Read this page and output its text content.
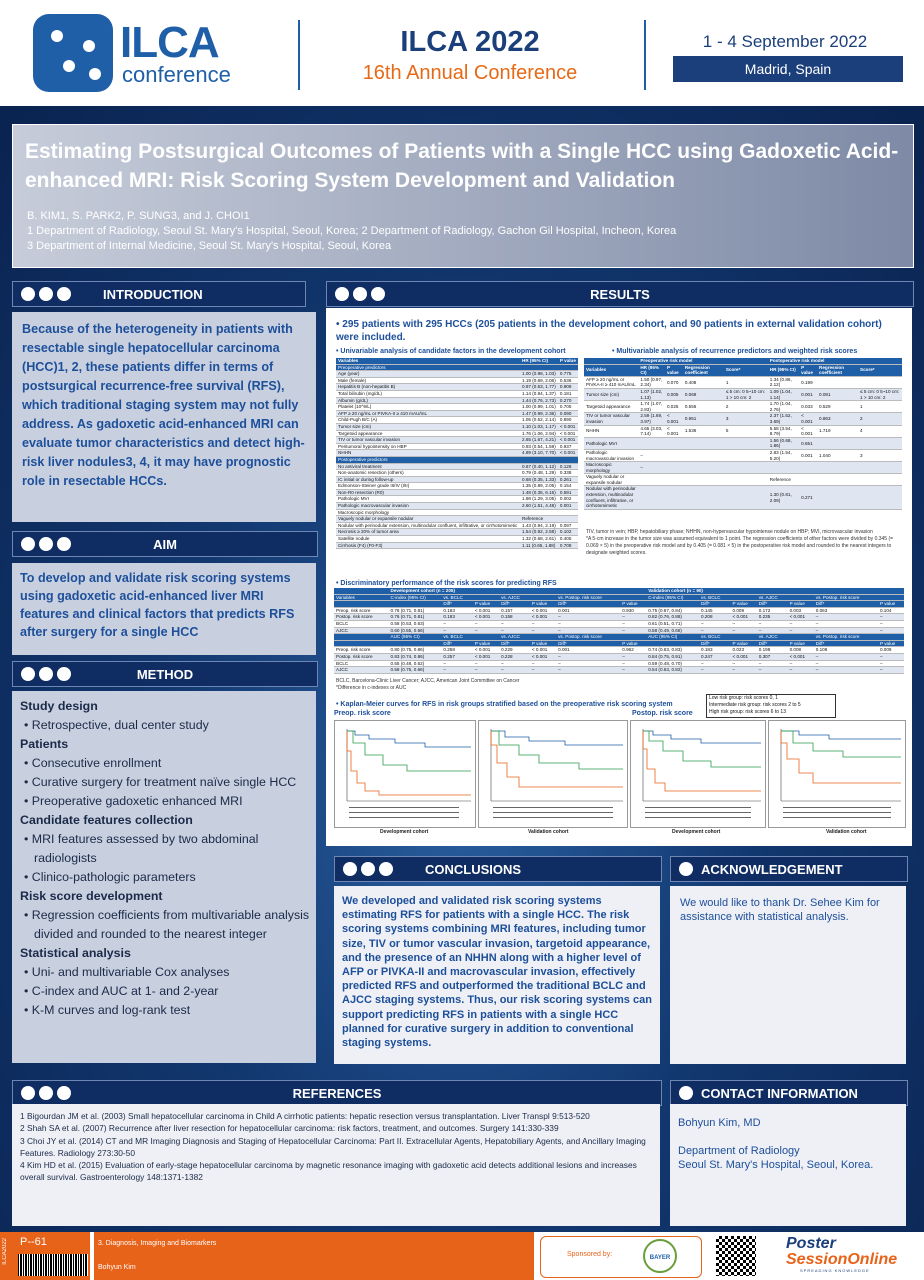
ILCA
conference
ILCA 2022
16th Annual Conference
1 - 4 September 2022
Madrid, Spain
Estimating Postsurgical Outcomes of Patients with a Single HCC using Gadoxetic Acid-enhanced MRI: Risk Scoring System Development and Validation
B. KIM1, S. PARK2, P. SUNG3, and J. CHOI1
1 Department of Radiology, Seoul St. Mary's Hospital, Seoul, Korea; 2 Department of Radiology, Gachon Gil Hospital, Incheon, Korea
3 Department of Internal Medicine, Seoul St. Mary's Hospital, Seoul, Korea
INTRODUCTION
Because of the heterogeneity in patients with resectable single hepatocellular carcinoma (HCC)1, 2, these patients differ in terms of postsurgical recurrence-free survival (RFS), which traditional staging system may not fully address. As gadoxetic acid-enhanced MRI can evaluate tumor characteristics and detect high-risk liver nodules3, 4, it may have prognostic role in resectable HCCs.
AIM
To develop and validate risk scoring systems using gadoxetic acid-enhanced liver MRI features and clinical factors that predicts RFS after surgery for a single HCC
METHOD
Study design
• Retrospective, dual center study
Patients
• Consecutive enrollment
• Curative surgery for treatment naïve single HCC
• Preoperative gadoxetic enhanced MRI
Candidate features collection
• MRI features assessed by two abdominal radiologists
• Clinico-pathologic parameters
Risk score development
• Regression coefficients from multivariable analysis divided and rounded to the nearest integer
Statistical analysis
• Uni- and multivariable Cox analyses
• C-index and AUC at 1- and 2-year
• K-M curves and log-rank test
RESULTS
• 295 patients with 295 HCCs (205 patients in the development cohort, and 90 patients in external validation cohort) were included.
• Univariable analysis of candidate factors in the development cohort
Variables	HR (95% CI)	P value
Preoperative predictors		
Age (year)	1.00 (0.98, 1.03)	0.775
Male (female)	1.19 (0.69, 2.06)	0.536
Hepatitis B (non-hepatitis B)	0.97 (0.53, 1.77)	0.909
Total bilirubin (mg/dL)	1.14 (0.94, 1.37)	0.181
Albumin (g/dL)	1.44 (0.76, 2.73)	0.270
Platelet (10^9/L)	1.00 (0.99, 1.01)	0.705
AFP ≥ 20 ng/mL or PIVKA-II ≥ 410 mAU/mL	1.47 (0.99, 2.36)	0.090
Child-Pugh B/C (A)	1.05 (0.52, 2.14)	0.890
Tumor size (cm)	1.10 (1.03, 1.17)	< 0.001
Targetoid appearance	1.76 (1.06, 2.94)	< 0.001
TIV or tumor vascular invasion	2.65 (1.67, 4.21)	< 0.001
Peritumoral hypointensity on HBP	0.93 (0.54, 1.59)	0.937
NHHN	4.89 (3.10, 7.70)	< 0.001
Postoperative predictors		
No antiviral treatment	0.67 (0.40, 1.12)	0.128
Non-anatomic resection (others)	0.79 (0.48, 1.29)	0.338
IC initial or during follow-up	0.68 (0.35, 1.33)	0.261
Edmonson-Steiner grade III/IV (I/II)	1.35 (0.89, 2.05)	0.154
Non-R0 resection (R0)	1.48 (0.35, 6.16)	0.591
Pathologic MVI	1.98 (1.29, 3.05)	0.002
Pathologic macrovascular invasion	2.60 (1.51, 4.48)	0.001
Macroscopic morphology		
Vaguely nodular or expansile nodular	Reference	
Nodular with perinodular extension, multinodular confluent, infiltrative, or cirrhotomimetic	1.43 (0.94, 2.19)	0.097
Necrosis ≥ 20% of tumor area	1.54 (0.92, 2.58)	0.102
Satellite nodule	1.32 (0.68, 2.61)	0.405
Cirrhosis (F4) (F0-F3)	1.11 (0.65, 1.88)	0.708
• Multivariable analysis of recurrence predictors and weighted risk scores
	Preoperative risk model				Postoperative risk model			
Variables	HR (95% CI)	P value	Regression coefficient	Score*	HR (95% CI)	P value	Regression coefficient	Score*
AFP ≥ 20 ng/mL or PIVKA-II ≥ 410 mAU/mL	1.50 (0.97, 2.34)	0.070	0.408	1	1.34 (0.86, 2.12)	0.199		
Tumor size (cm)	1.07 (1.02, 1.13)	0.005	0.069	≤ 5 cm: 0 5~10 cm: 1 > 10 cm: 2	1.09 (1.04, 1.14)	0.001	0.081	≤ 5 cm: 0 5~10 cm: 1 > 10 cm: 2
Targetoid appearance	1.74 (1.07, 2.83)	0.025	0.556	2	1.70 (1.04, 2.76)	0.033	0.529	1
TIV or tumor vascular invasion	2.59 (1.69, 3.97)	< 0.001	0.951	3	2.37 (1.52, 3.69)	< 0.001	0.863	2
NHHN	4.65 (3.03, 7.14)	< 0.001	1.536	5	5.58 (3.54, 8.79)	< 0.001	1.719	4
Pathologic MVI					1.56 (0.68, 1.86)	0.651		
Pathologic macrovascular invasion	–				2.83 (1.54, 5.20)	0.001	1.040	3
Macroscopic morphology	–							
Vaguely nodular or expansile nodular					Reference			
Nodular with perinodular extension, multinodular confluent, infiltrative, or cirrhotomimetic					1.30 (0.81, 2.09)	0.271		
TIV, tumor in vein; HBP, hepatobiliary phase; NHHN, non-hypervascular hypointense nodule on HBP; MVI, microvascular invasion
*A 5-cm increase in the tumor size was assumed equivalent to 1 point. The regression coefficients of other factors were divided by 0.345 (= 0.069 × 5) in the preoperative risk model and by 0.405 (= 0.081 × 5) in the postoperative risk model and rounded to the nearest integers to designate weighted scores.
• Discriminatory performance of the risk scores for predicting RFS
	Development cohort (n = 205)							Validation cohort (n = 90)						
Variables	C-index (95% CI)	vs. BCLC		vs. AJCC		vs. Postop. risk score		C-index (95% CI)	vs. BCLC		vs. AJCC		vs. Postop. risk score	
		Diff*	P value	Diff*	P value	Diff*	P value		Diff*	P value	Diff*	P value	Diff*	P value
Preop. risk score	0.76 (0.71, 0.81)	0.183	< 0.001	0.157	< 0.001	0.001	0.930	0.75 (0.67, 0.84)	0.145	0.009	0.172	0.003	0.063	0.104
Postop. risk score	0.76 (0.71, 0.81)	0.183	< 0.001	0.158	< 0.001	–	–	0.82 (0.76, 0.88)	0.208	< 0.001	0.235	< 0.001	–	–
BCLC	0.58 (0.53, 0.63)	–	–	–	–	–	–	0.61 (0.51, 0.71)	–	–	–	–	–	–
AJCC	0.60 (0.55, 0.66)	–	–	–	–	–	–	0.58 (0.49, 0.68)	–	–	–	–	–	–
	AUC (95% CI)	vs. BCLC		vs. AJCC		vs. Postop. risk score		AUC (95% CI)	vs. BCLC		vs. AJCC		vs. Postop. risk score	
		Diff*	P value	Diff*	P value	Diff*	P value		Diff*	P value	Diff*	P value	Diff*	P value
Preop. risk score	0.80 (0.75, 0.86)	0.258	< 0.001	0.229	< 0.001	0.001	0.962	0.74 (0.63, 0.83)	0.183	0.023	0.198	0.008	0.108	0.009
Postop. risk score	0.83 (0.74, 0.86)	0.257	< 0.001	0.228	< 0.001	–	–	0.84 (0.75, 0.91)	0.247	< 0.001	0.307	< 0.001	–	–
BCLC	0.55 (0.48, 0.62)	–	–	–	–	–	–	0.59 (0.48, 0.70)	–	–	–	–	–	–
AJCC	0.58 (0.75, 0.66)	–	–	–	–	–	–	0.54 (0.63, 0.82)	–	–	–	–	–	–
BCLC, Barcelona-Clinic Liver Cancer; AJCC, American Joint Committee on Cancer
*Difference in c-indexes or AUC
• Kaplan-Meier curves for RFS in risk groups stratified based on the preoperative risk scoring system
Preop. risk score	Postop. risk score
Low risk group: risk scores 0, 1
Intermediate risk group: risk scores 2 to 5
High risk group: risk scores 6 to 13
Development cohort	Validation cohort	Development cohort	Validation cohort
CONCLUSIONS
We developed and validated risk scoring systems estimating RFS for patients with a single HCC. The risk scoring systems combining MRI features, including tumor size, TIV or tumor vascular invasion, targetoid appearance, and the presence of an NHHN along with a higher level of AFP or PIVKA-II and macrovascular invasion, effectively predicted RFS and outperformed the traditional BCLC and AJCC staging systems. Thus, our risk scoring systems can support predicting RFS in patients with a single HCC planned for curative surgery in addition to conventional staging systems.
ACKNOWLEDGEMENT
We would like to thank Dr. Sehee Kim for assistance with statistical analysis.
REFERENCES
1 Bigourdan JM et al. (2003) Small hepatocellular carcinoma in Child A cirrhotic patients: hepatic resection versus transplantation. Liver Transpl 9:513-520
2 Shah SA et al. (2007) Recurrence after liver resection for hepatocellular carcinoma: risk factors, treatment, and outcomes. Surgery 141:330-339
3 Choi JY et al. (2014) CT and MR Imaging Diagnosis and Staging of Hepatocellular Carcinoma: Part II. Extracellular Agents, Hepatobiliary Agents, and Ancillary Imaging Features. Radiology 273:30-50
4 Kim HD et al. (2015) Evaluation of early-stage hepatocellular carcinoma by magnetic resonance imaging with gadoxetic acid detects additional lesions and increases overall survival. Gastroenterology 148:1371-1382
CONTACT INFORMATION
Bohyun Kim, MD

Department of Radiology
Seoul St. Mary's Hospital, Seoul, Korea.
ILCA2022 P--61	3. Diagnosis, Imaging and Biomarkers
Bohyun Kim
Sponsored by:	BAYER
Poster
SessionOnline
SPREADING KNOWLEDGE
